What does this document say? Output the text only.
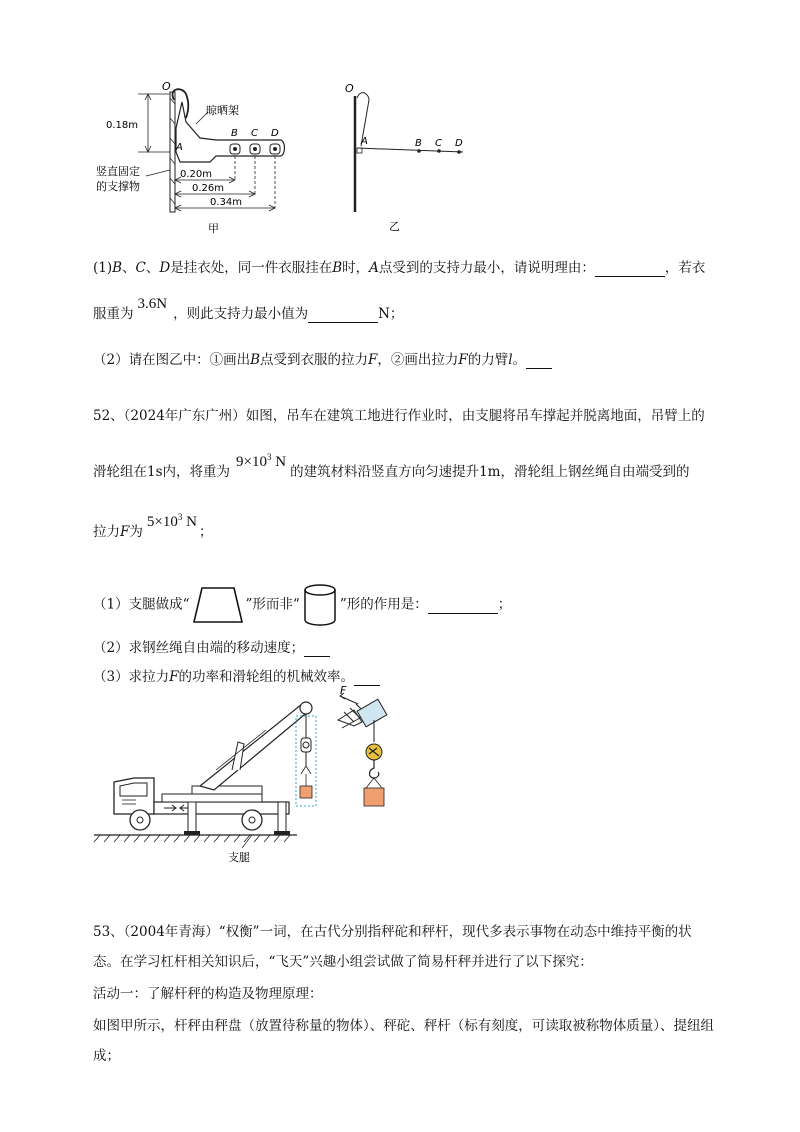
O
A
B C D
晾晒架
0.18m
0.20m
0.26m
0.34m
竖直固定
的支撑物
甲
O
A	B C D
乙
(1)B、C、D是挂衣处，同一件衣服挂在B时，A点受到的支持力最小，请说明理由：	，若衣
服重为3.6N，则此支持力最小值为	N；
（2）请在图乙中：①画出B点受到衣服的拉力F，②画出拉力F的力臂l。
52、（2024年广东广州）如图，吊车在建筑工地进行作业时，由支腿将吊车撑起并脱离地面，吊臂上的
滑轮组在1s内，将重为$9\times 10^3$ N的建筑材料沿竖直方向匀速提升1m，滑轮组上钢丝绳自由端受到的
拉力F为$5\times 10^3$ N；
（1）支腿做成“	”形而非“	”形的作用是：	；
（2）求钢丝绳自由端的移动速度；
（3）求拉力F的功率和滑轮组的机械效率。
F
支腿
53、（2004年青海）“权衡”一词，在古代分别指秤砣和秤杆，现代多表示事物在动态中维持平衡的状
态。在学习杠杆相关知识后，“飞天”兴趣小组尝试做了简易杆秤并进行了以下探究：
活动一：了解杆秤的构造及物理原理：
如图甲所示，杆秤由秤盘（放置待称量的物体）、秤砣、秤杆（标有刻度，可读取被称物体质量）、提纽组
成；
